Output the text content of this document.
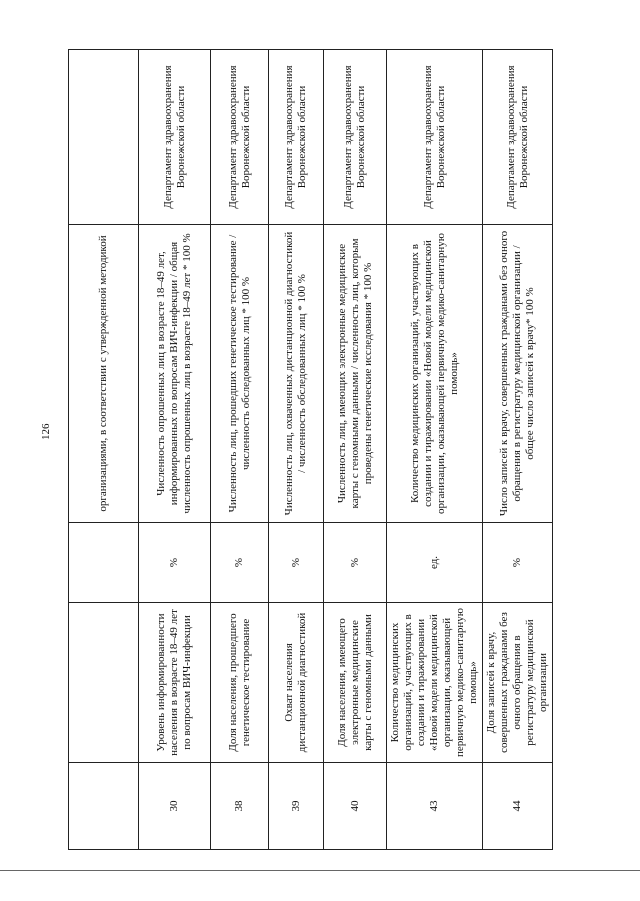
126
				организациями, в соответствии с утвержденной методикой	
30	Уровень информированности населения в возрасте 18–49 лет по вопросам ВИЧ-инфекции	%	Численность опрошенных лиц в возрасте 18–49 лет, информированных по вопросам ВИЧ-инфекции / общая численность опрошенных лиц в возрасте 18–49 лет * 100 %	Департамент здравоохранения Воронежской области
38	Доля населения, прошедшего генетическое тестирование	%	Численность лиц, прошедших генетическое тестирование / численность обследованных лиц * 100 %	Департамент здравоохранения Воронежской области
39	Охват населения дистанционной диагностикой	%	Численность лиц, охваченных дистанционной диагностикой / численность обследованных лиц * 100 %	Департамент здравоохранения Воронежской области
40	Доля населения, имеющего электронные медицинские карты с геномными данными	%	Численность лиц, имеющих электронные медицинские карты с геномными данными / численность лиц, которым проведены генетические исследования * 100 %	Департамент здравоохранения Воронежской области
43	Количество медицинских организаций, участвующих в создании и тиражировании «Новой модели медицинской организации, оказывающей первичную медико-санитарную помощь»	ед.	Количество медицинских организаций, участвующих в создании и тиражировании «Новой модели медицинской организации, оказывающей первичную медико-санитарную помощь»	Департамент здравоохранения Воронежской области
44	Доля записей к врачу, совершенных гражданами без очного обращения в регистратуру медицинской организации	%	Число записей к врачу, совершенных гражданами без очного обращения в регистратуру медицинской организации / общее число записей к врачу* 100 %	Департамент здравоохранения Воронежской области
